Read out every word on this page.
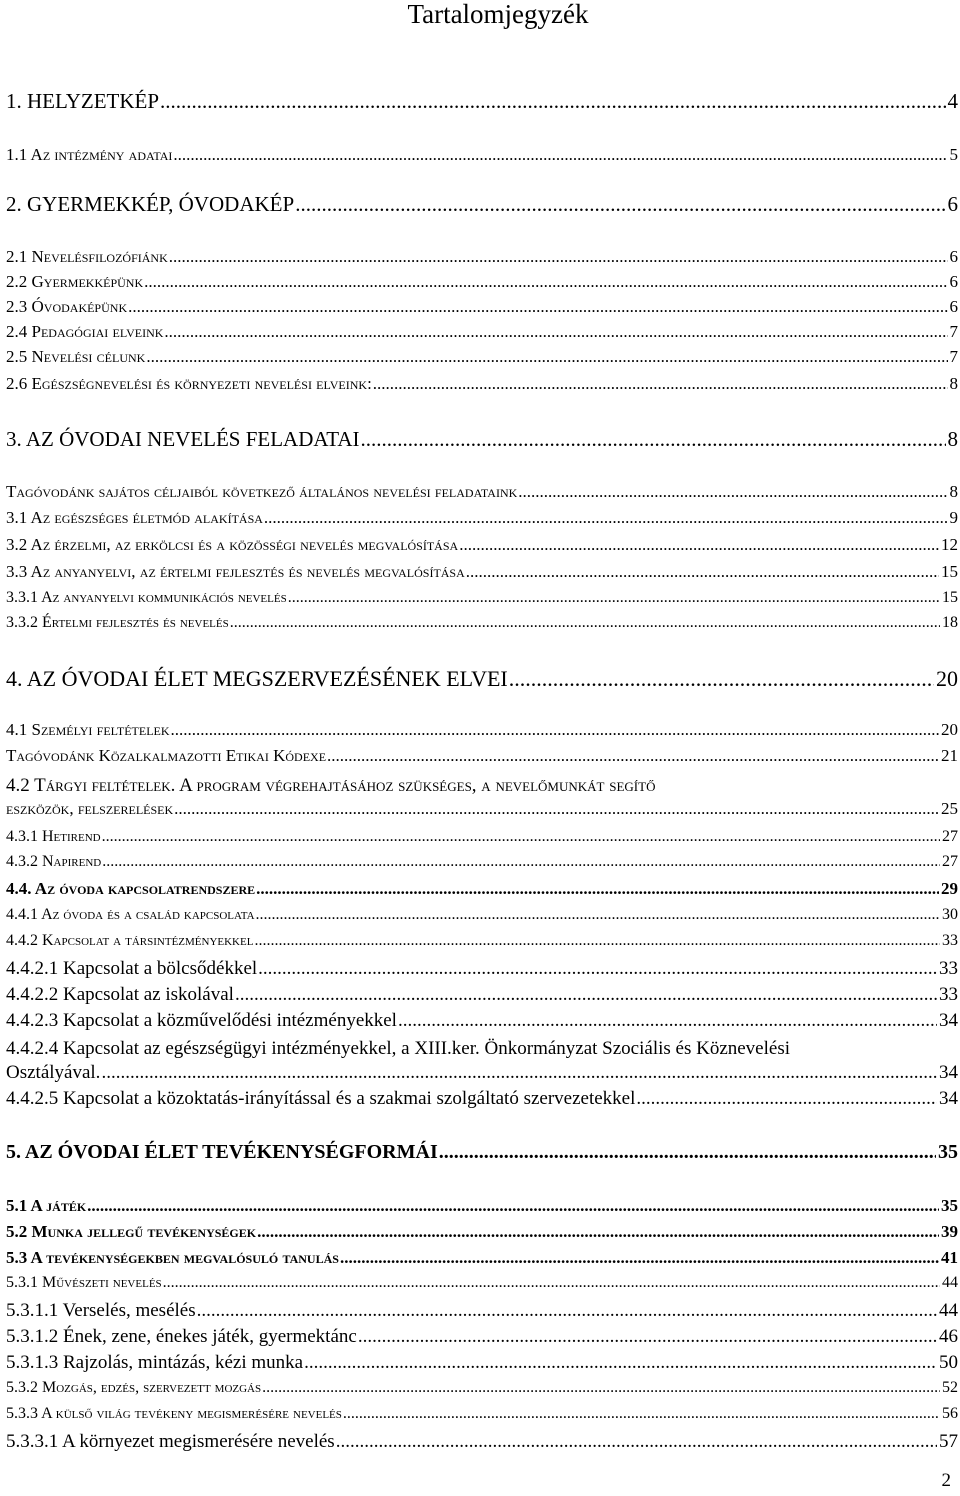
Tartalomjegyzék
1. HELYZETKÉP .....	4
1.1 Az intézmény adatai .....	5
2. GYERMEKKÉP, ÓVODAKÉP .....	6
2.1 Nevelésfilozófiánk .....	6
2.2 Gyermekképünk .....	6
2.3 Óvodaképünk .....	6
2.4 Pedagógiai elveink .....	7
2.5 Nevelési célunk .....	7
2.6 Egészségnevelési és környezeti nevelési elveink: .....	8
3. AZ ÓVODAI NEVELÉS FELADATAI .....	8
Tagóvodánk sajátos céljaiból következő általános nevelési feladataink .....	8
3.1 Az egészséges életmód alakítása .....	9
3.2 Az érzelmi, az erkölcsi és a közösségi nevelés megvalósítása .....	12
3.3 Az anyanyelvi, az értelmi fejlesztés és nevelés megvalósítása .....	15
3.3.1 Az anyanyelvi kommunikációs nevelés .....	15
3.3.2 Értelmi fejlesztés és nevelés .....	18
4. AZ ÓVODAI ÉLET MEGSZERVEZÉSÉNEK ELVEI .....	20
4.1 Személyi feltételek .....	20
Tagóvodánk Közalkalmazotti Etikai Kódexe .....	21
4.2 Tárgyi feltételek. A program végrehajtásához szükséges, a nevelőmunkát segítő
eszközök, felszerelések .....	25
4.3.1 Hetirend .....	27
4.3.2 Napirend .....	27
4.4. Az óvoda kapcsolatrendszere .....	29
4.4.1 Az óvoda és a család kapcsolata .....	30
4.4.2 Kapcsolat a társintézményekkel .....	33
4.4.2.1 Kapcsolat a bölcsődékkel .....	33
4.4.2.2 Kapcsolat az iskolával .....	33
4.4.2.3 Kapcsolat a közművelődési intézményekkel .....	34
4.4.2.4 Kapcsolat az egészségügyi intézményekkel, a XIII.ker. Önkormányzat Szociális és Köznevelési
Osztályával. .....	34
4.4.2.5 Kapcsolat a közoktatás-irányítással és a szakmai szolgáltató szervezetekkel .....	34
5. AZ ÓVODAI ÉLET TEVÉKENYSÉGFORMÁI .....	35
5.1 A játék .....	35
5.2 Munka jellegű tevékenységek .....	39
5.3 A tevékenységekben megvalósuló tanulás .....	41
5.3.1 Művészeti nevelés .....	44
5.3.1.1 Verselés, mesélés .....	44
5.3.1.2 Ének, zene, énekes játék, gyermektánc .....	46
5.3.1.3 Rajzolás, mintázás, kézi munka .....	50
5.3.2 Mozgás, edzés, szervezett mozgás .....	52
5.3.3 A külső világ tevékeny megismerésére nevelés .....	56
5.3.3.1 A környezet megismerésére nevelés .....	57
2
